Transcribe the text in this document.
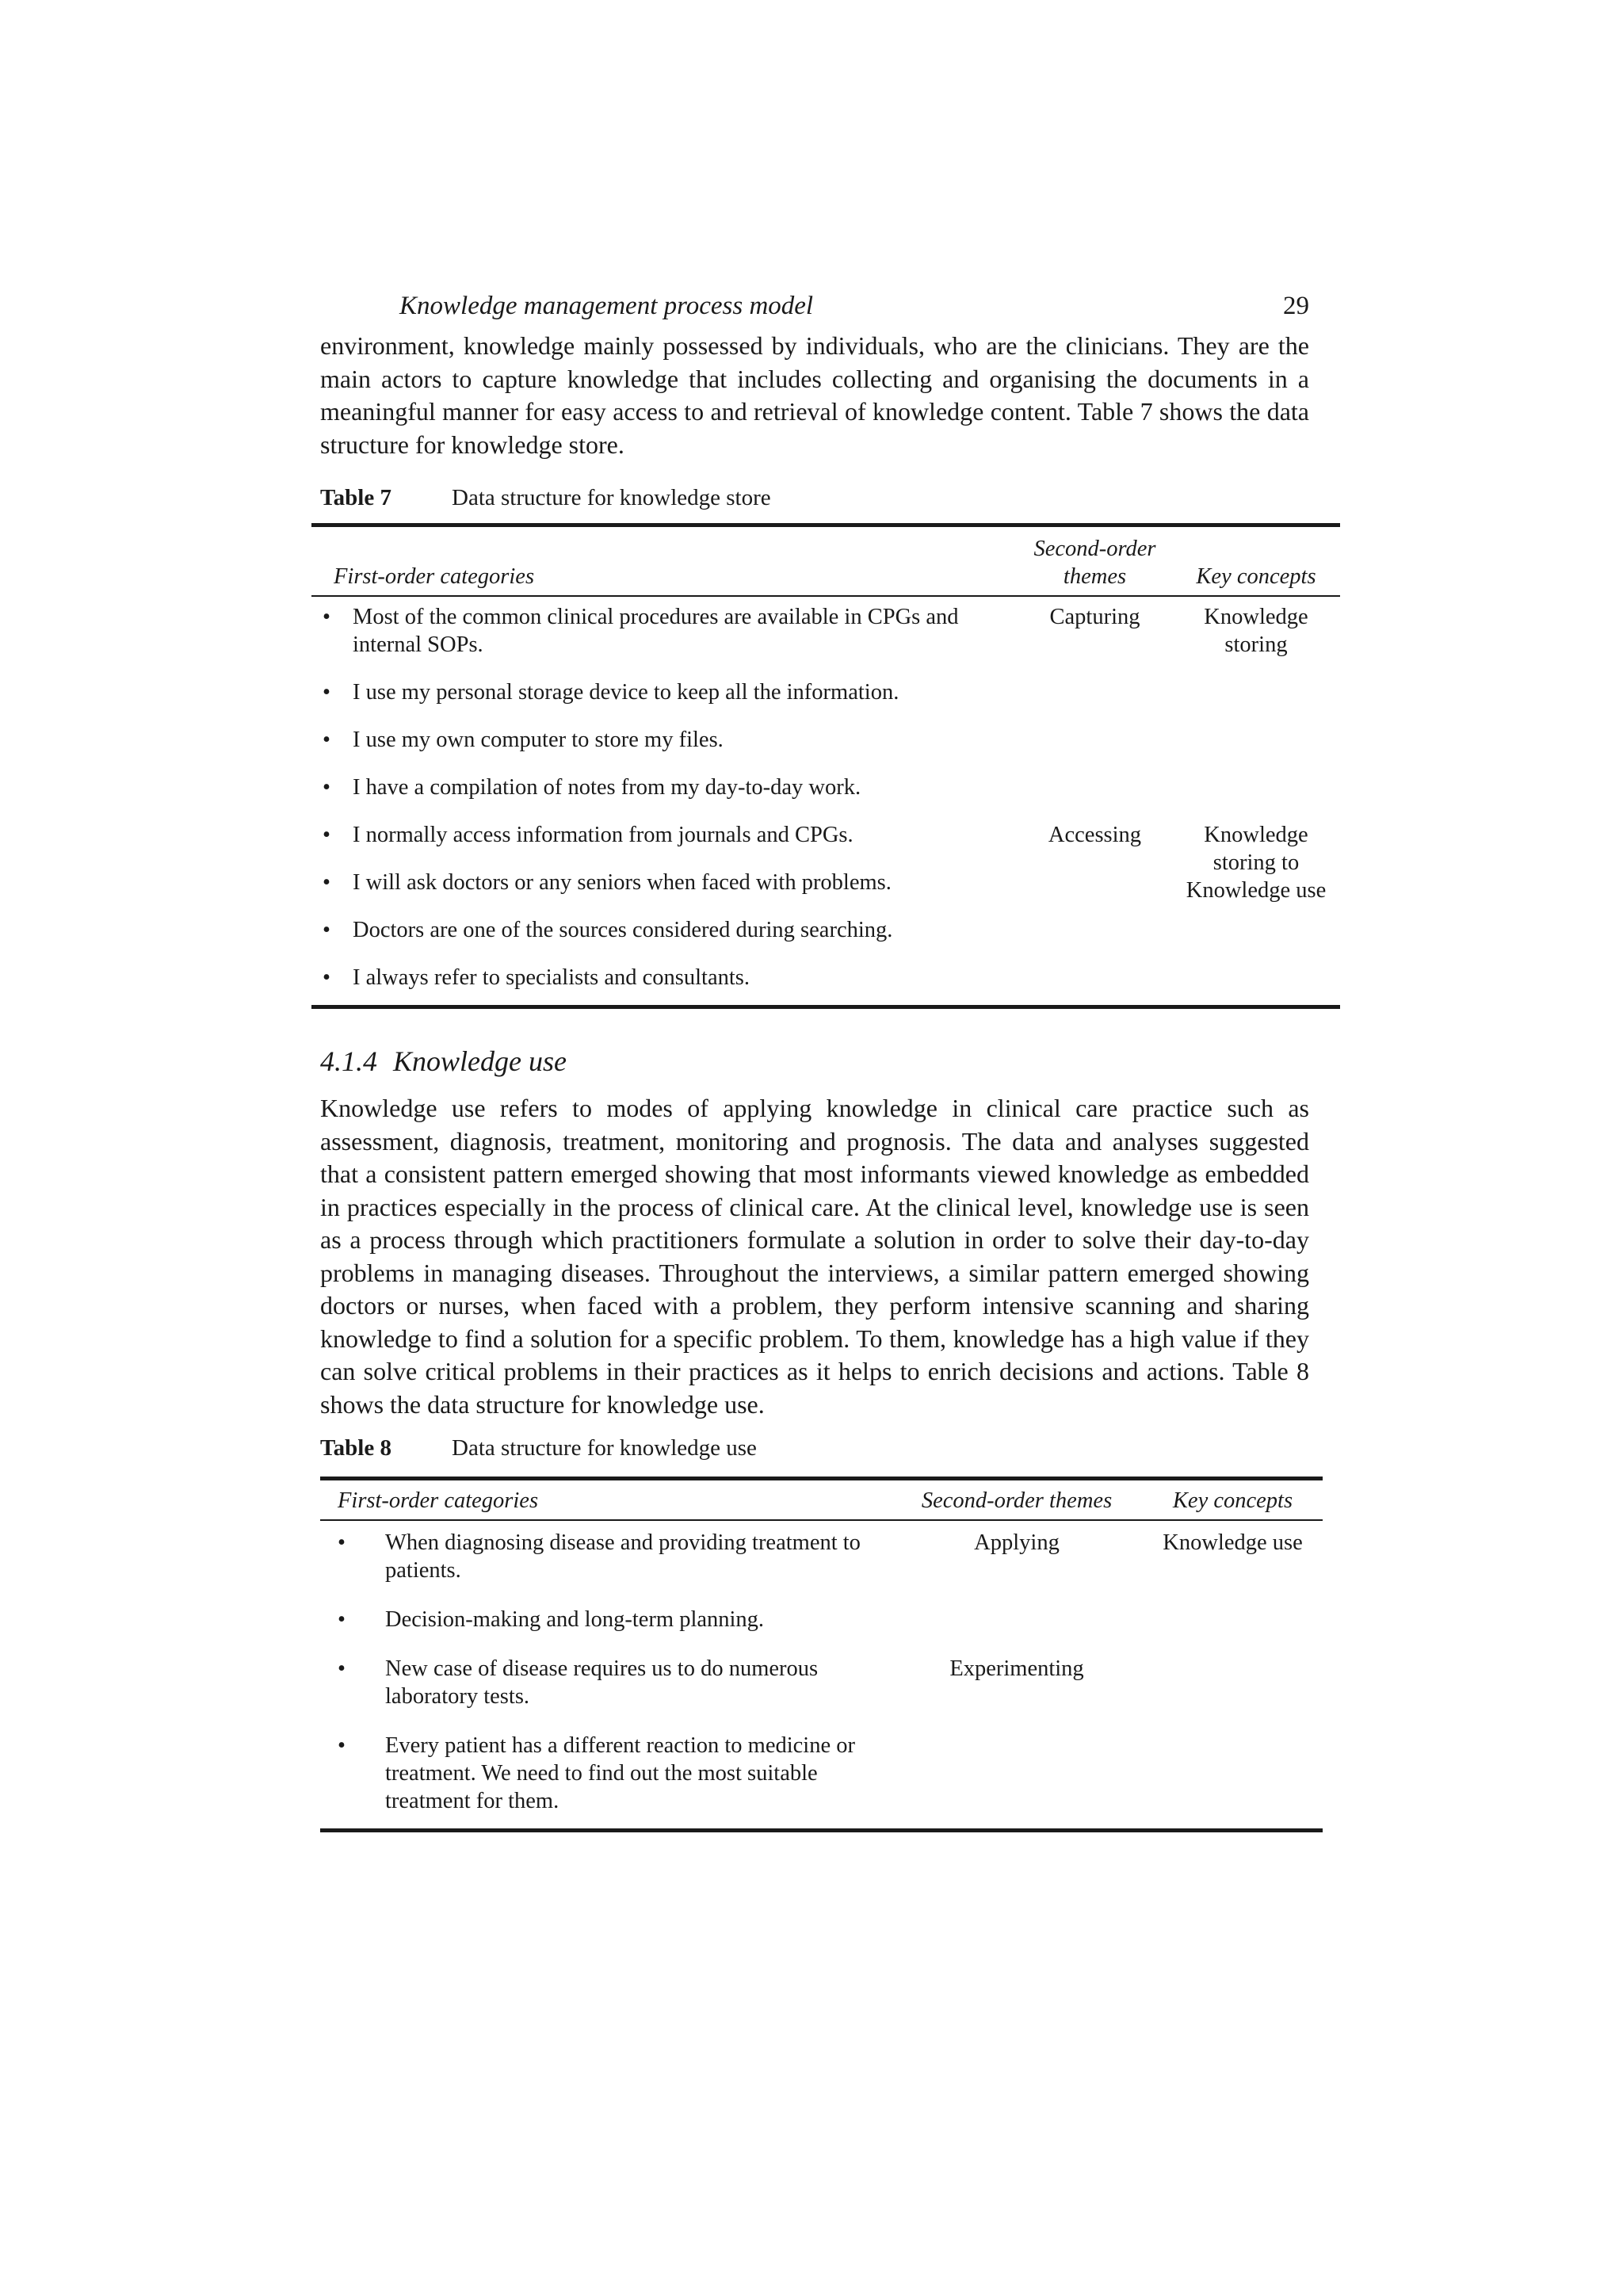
Knowledge management process model	29

environment, knowledge mainly possessed by individuals, who are the clinicians. They are the main actors to capture knowledge that includes collecting and organising the documents in a meaningful manner for easy access to and retrieval of knowledge content. Table 7 shows the data structure for knowledge store.

Table 7	Data structure for knowledge store
First-order categories	Second-order themes	Key concepts

• Most of the common clinical procedures are available in CPGs and internal SOPs.	Capturing	Knowledge storing

• I use my personal storage device to keep all the information.		

• I use my own computer to store my files.		

• I have a compilation of notes from my day-to-day work.		

• I normally access information from journals and CPGs.	Accessing	Knowledge storing to Knowledge use

• I will ask doctors or any seniors when faced with problems.		

• Doctors are one of the sources considered during searching.		

• I always refer to specialists and consultants.		

4.1.4 Knowledge use

Knowledge use refers to modes of applying knowledge in clinical care practice such as assessment, diagnosis, treatment, monitoring and prognosis. The data and analyses suggested that a consistent pattern emerged showing that most informants viewed knowledge as embedded in practices especially in the process of clinical care. At the clinical level, knowledge use is seen as a process through which practitioners formulate a solution in order to solve their day-to-day problems in managing diseases. Throughout the interviews, a similar pattern emerged showing doctors or nurses, when faced with a problem, they perform intensive scanning and sharing knowledge to find a solution for a specific problem. To them, knowledge has a high value if they can solve critical problems in their practices as it helps to enrich decisions and actions. Table 8 shows the data structure for knowledge use.

Table 8	Data structure for knowledge use
First-order categories	Second-order themes	Key concepts

• When diagnosing disease and providing treatment to patients.	Applying	Knowledge use

• Decision-making and long-term planning.		

• New case of disease requires us to do numerous laboratory tests.	Experimenting	

• Every patient has a different reaction to medicine or treatment. We need to find out the most suitable treatment for them.		
